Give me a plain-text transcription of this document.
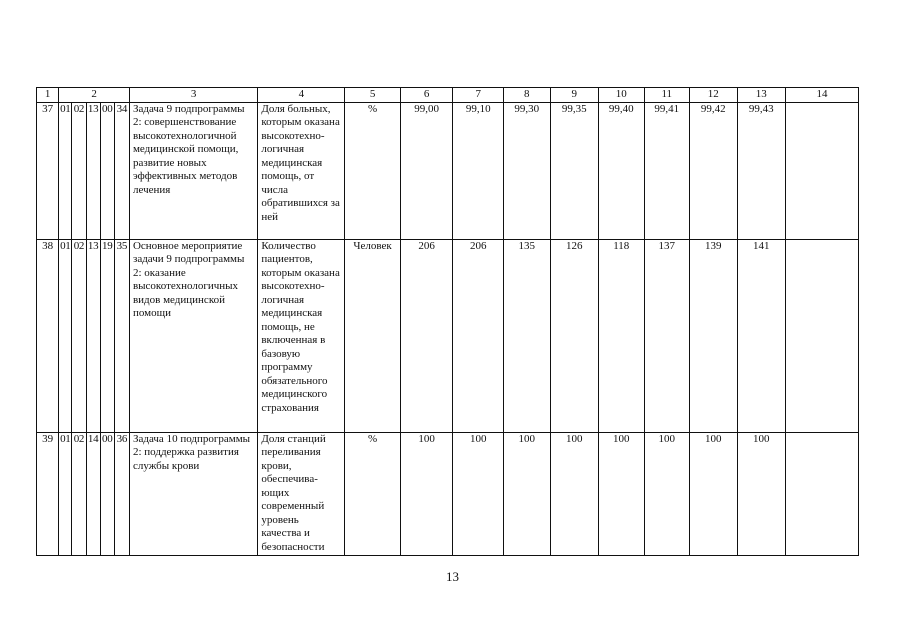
1	2					3	4	5	6	7	8	9	10	11	12	13	14
37	01	02	13	00	34	Задача 9 подпрограммы 2: совершенствование высокотехнологичной медицинской помощи, развитие новых эффективных методов лечения	Доля больных, которым оказана высокотехно-логичная медицинская помощь, от числа обратившихся за ней	%	99,00	99,10	99,30	99,35	99,40	99,41	99,42	99,43	
38	01	02	13	19	35	Основное мероприятие задачи 9 подпрограммы 2: оказание высокотехнологичных видов медицинской помощи	Количество пациентов, которым оказана высокотехно-логичная медицинская помощь, не включенная в базовую программу обязательного медицинского страхования	Человек	206	206	135	126	118	137	139	141	
39	01	02	14	00	36	Задача 10 подпрограммы 2: поддержка развития службы крови	Доля станций переливания крови, обеспечива-ющих современный уровень качества и безопасности	%	100	100	100	100	100	100	100	100	
13
